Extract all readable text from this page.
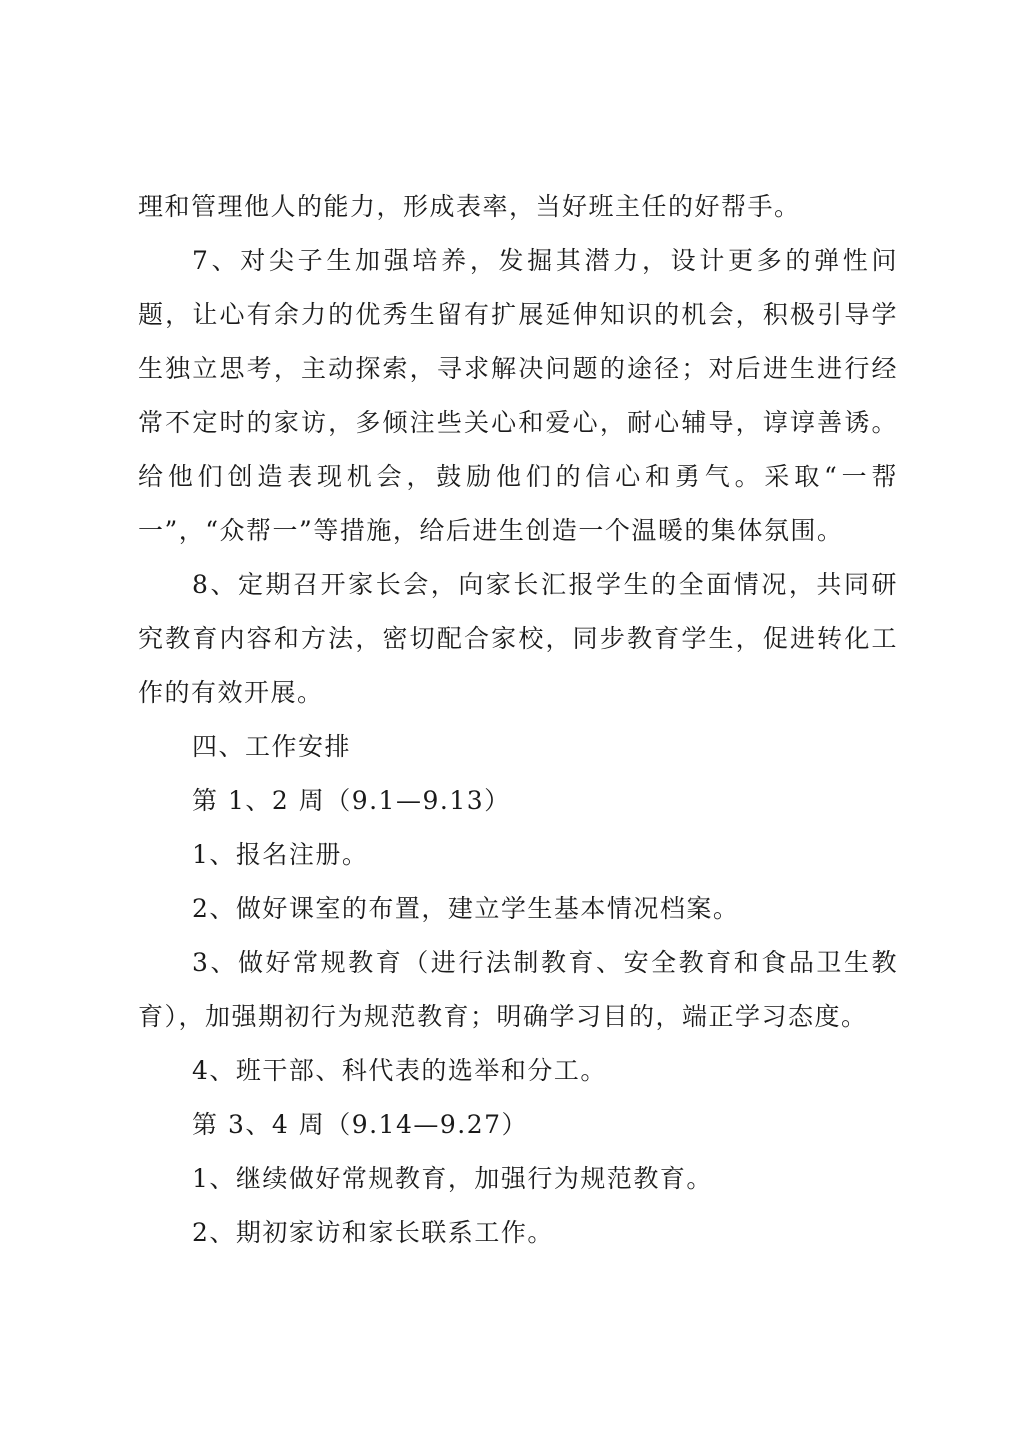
理和管理他人的能力，形成表率，当好班主任的好帮手。

7、对尖子生加强培养，发掘其潜力，设计更多的弹性问题，让心有余力的优秀生留有扩展延伸知识的机会，积极引导学生独立思考，主动探索，寻求解决问题的途径；对后进生进行经常不定时的家访，多倾注些关心和爱心，耐心辅导，谆谆善诱。给他们创造表现机会，鼓励他们的信心和勇气。采取“一帮一”，“众帮一”等措施，给后进生创造一个温暖的集体氛围。

8、定期召开家长会，向家长汇报学生的全面情况，共同研究教育内容和方法，密切配合家校，同步教育学生，促进转化工作的有效开展。

四、工作安排

第 1、2 周（9.1—9.13）

1、报名注册。

2、做好课室的布置，建立学生基本情况档案。

3、做好常规教育（进行法制教育、安全教育和食品卫生教育），加强期初行为规范教育；明确学习目的，端正学习态度。

4、班干部、科代表的选举和分工。

第 3、4 周（9.14—9.27）

1、继续做好常规教育，加强行为规范教育。

2、期初家访和家长联系工作。
